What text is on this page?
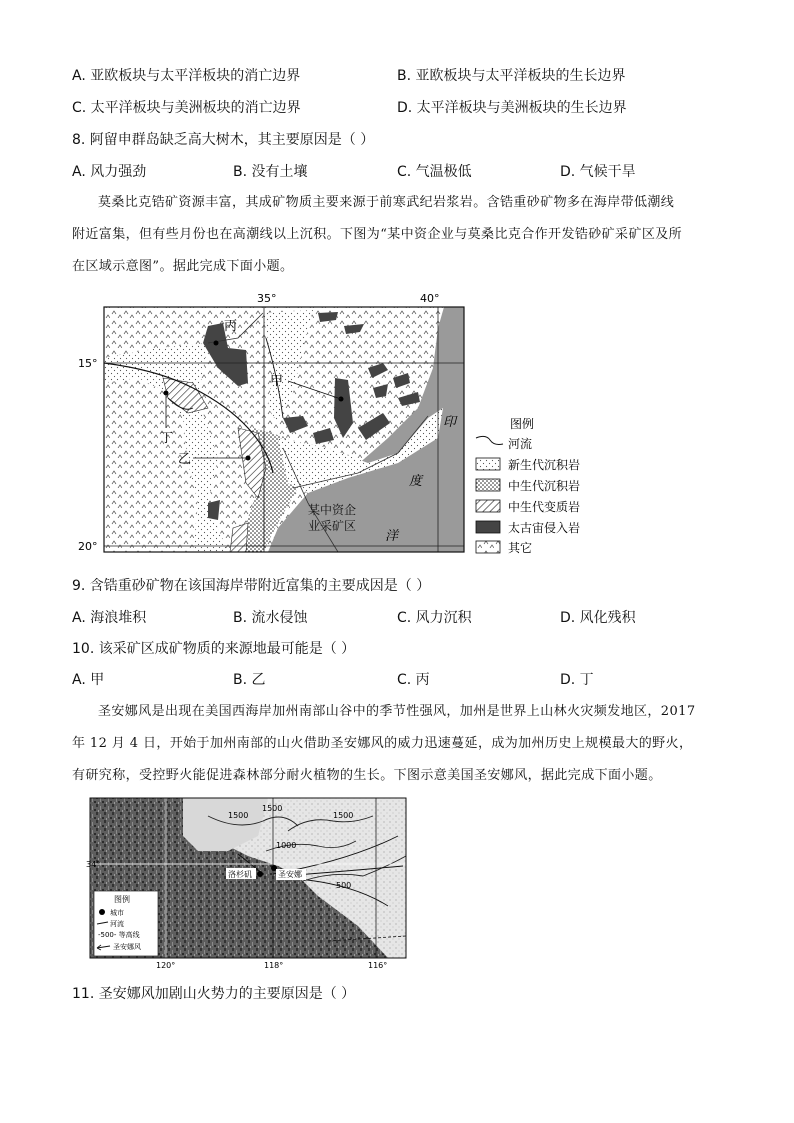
A. 亚欧板块与太平洋板块的消亡边界	B. 亚欧板块与太平洋板块的生长边界
C. 太平洋板块与美洲板块的消亡边界	D. 太平洋板块与美洲板块的生长边界
8. 阿留申群岛缺乏高大树木，其主要原因是（ ）
A. 风力强劲	B. 没有土壤	C. 气温极低	D. 气候干旱
莫桑比克锆矿资源丰富，其成矿物质主要来源于前寒武纪岩浆岩。含锆重砂矿物多在海岸带低潮线
附近富集，但有些月份也在高潮线以上沉积。下图为“某中资企业与莫桑比克合作开发锆砂矿采矿区及所
在区域示意图”。据此完成下面小题。
35°	40°
15°
20°
丙
甲
丁
乙
印
度
洋
某中资企
业采矿区
图例
河流
新生代沉积岩
中生代沉积岩
中生代变质岩
太古宙侵入岩
其它
9. 含锆重砂矿物在该国海岸带附近富集的主要成因是（ ）
A. 海浪堆积	B. 流水侵蚀	C. 风力沉积	D. 风化残积
10. 该采矿区成矿物质的来源地最可能是（ ）
A. 甲	B. 乙	C. 丙	D. 丁
圣安娜风是出现在美国西海岸加州南部山谷中的季节性强风，加州是世界上山林火灾频发地区，2017
年 12 月 4 日，开始于加州南部的山火借助圣安娜风的威力迅速蔓延，成为加州历史上规模最大的野火，
有研究称，受控野火能促进森林部分耐火植物的生长。下图示意美国圣安娜风，据此完成下面小题。
1500
1500
1000
1500
500
洛杉矶	圣安娜
图例
城市
河流
-500- 等高线
圣安娜风
34°
120°	118°	116°
11. 圣安娜风加剧山火势力的主要原因是（ ）
